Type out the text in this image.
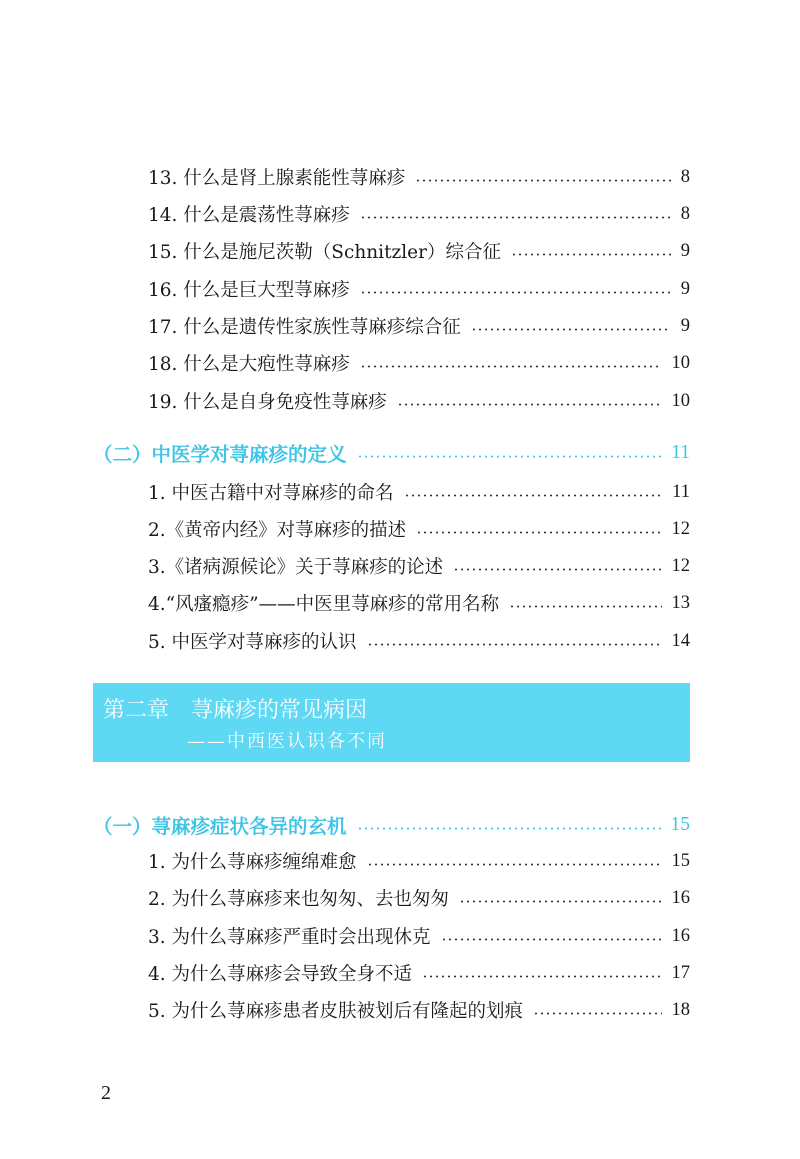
13. 什么是肾上腺素能性荨麻疹	8
14. 什么是震荡性荨麻疹	8
15. 什么是施尼茨勒（Schnitzler）综合征	9
16. 什么是巨大型荨麻疹	9
17. 什么是遗传性家族性荨麻疹综合征	9
18. 什么是大疱性荨麻疹	10
19. 什么是自身免疫性荨麻疹	10
（二）中医学对荨麻疹的定义	11
1. 中医古籍中对荨麻疹的命名	11
2.《黄帝内经》对荨麻疹的描述	12
3.《诸病源候论》关于荨麻疹的论述	12
4.“风瘙瘾疹”——中医里荨麻疹的常用名称	13
5. 中医学对荨麻疹的认识	14
第二章　荨麻疹的常见病因
——中西医认识各不同
（一）荨麻疹症状各异的玄机	15
1. 为什么荨麻疹缠绵难愈	15
2. 为什么荨麻疹来也匆匆、去也匆匆	16
3. 为什么荨麻疹严重时会出现休克	16
4. 为什么荨麻疹会导致全身不适	17
5. 为什么荨麻疹患者皮肤被划后有隆起的划痕	18
2
